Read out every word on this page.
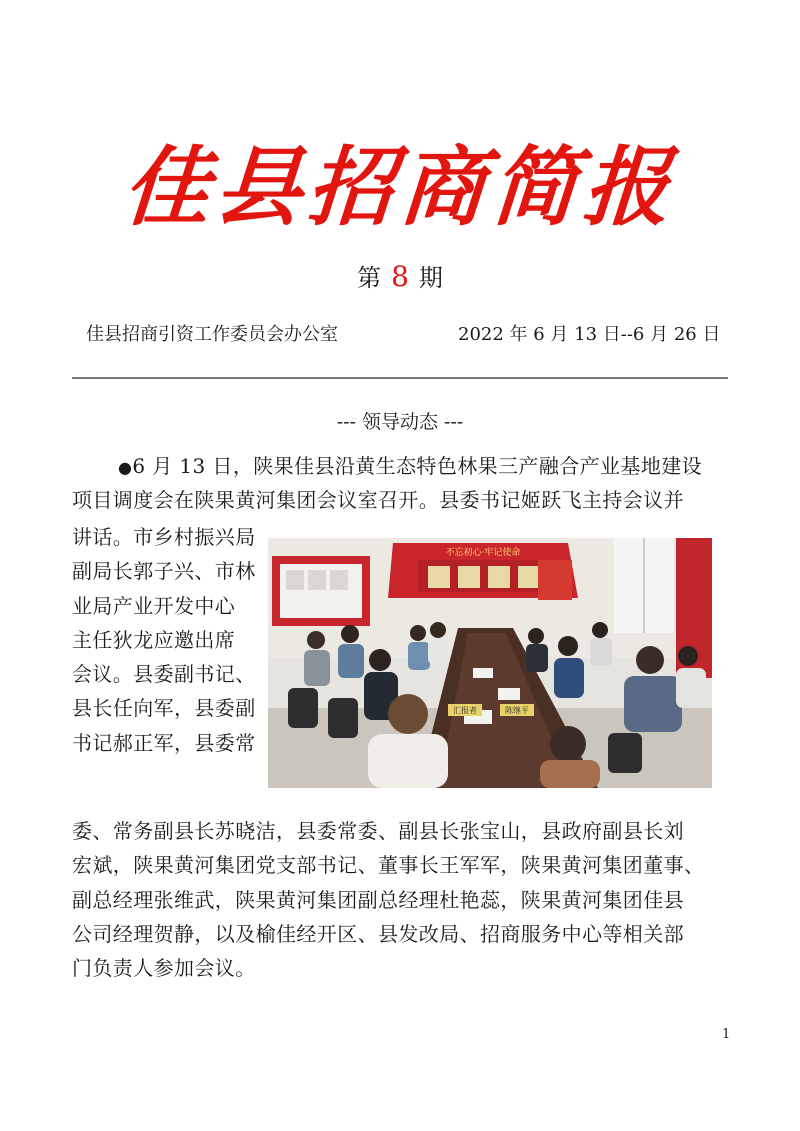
佳县招商简报
第 8 期
佳县招商引资工作委员会办公室	2022 年 6 月 13 日--6 月 26 日
--- 领导动态 ---
●6 月 13 日，陕果佳县沿黄生态特色林果三产融合产业基地建设
项目调度会在陕果黄河集团会议室召开。县委书记姬跃飞主持会议并
讲话。市乡村振兴局
副局长郭子兴、市林
业局产业开发中心
主任狄龙应邀出席
会议。县委副书记、
县长任向军，县委副
书记郝正军，县委常
不忘初心·牢记使命
汇报者	陈继平
委、常务副县长苏晓洁，县委常委、副县长张宝山，县政府副县长刘
宏斌，陕果黄河集团党支部书记、董事长王军军，陕果黄河集团董事、
副总经理张维武，陕果黄河集团副总经理杜艳蕊，陕果黄河集团佳县
公司经理贺静，以及榆佳经开区、县发改局、招商服务中心等相关部
门负责人参加会议。
1
